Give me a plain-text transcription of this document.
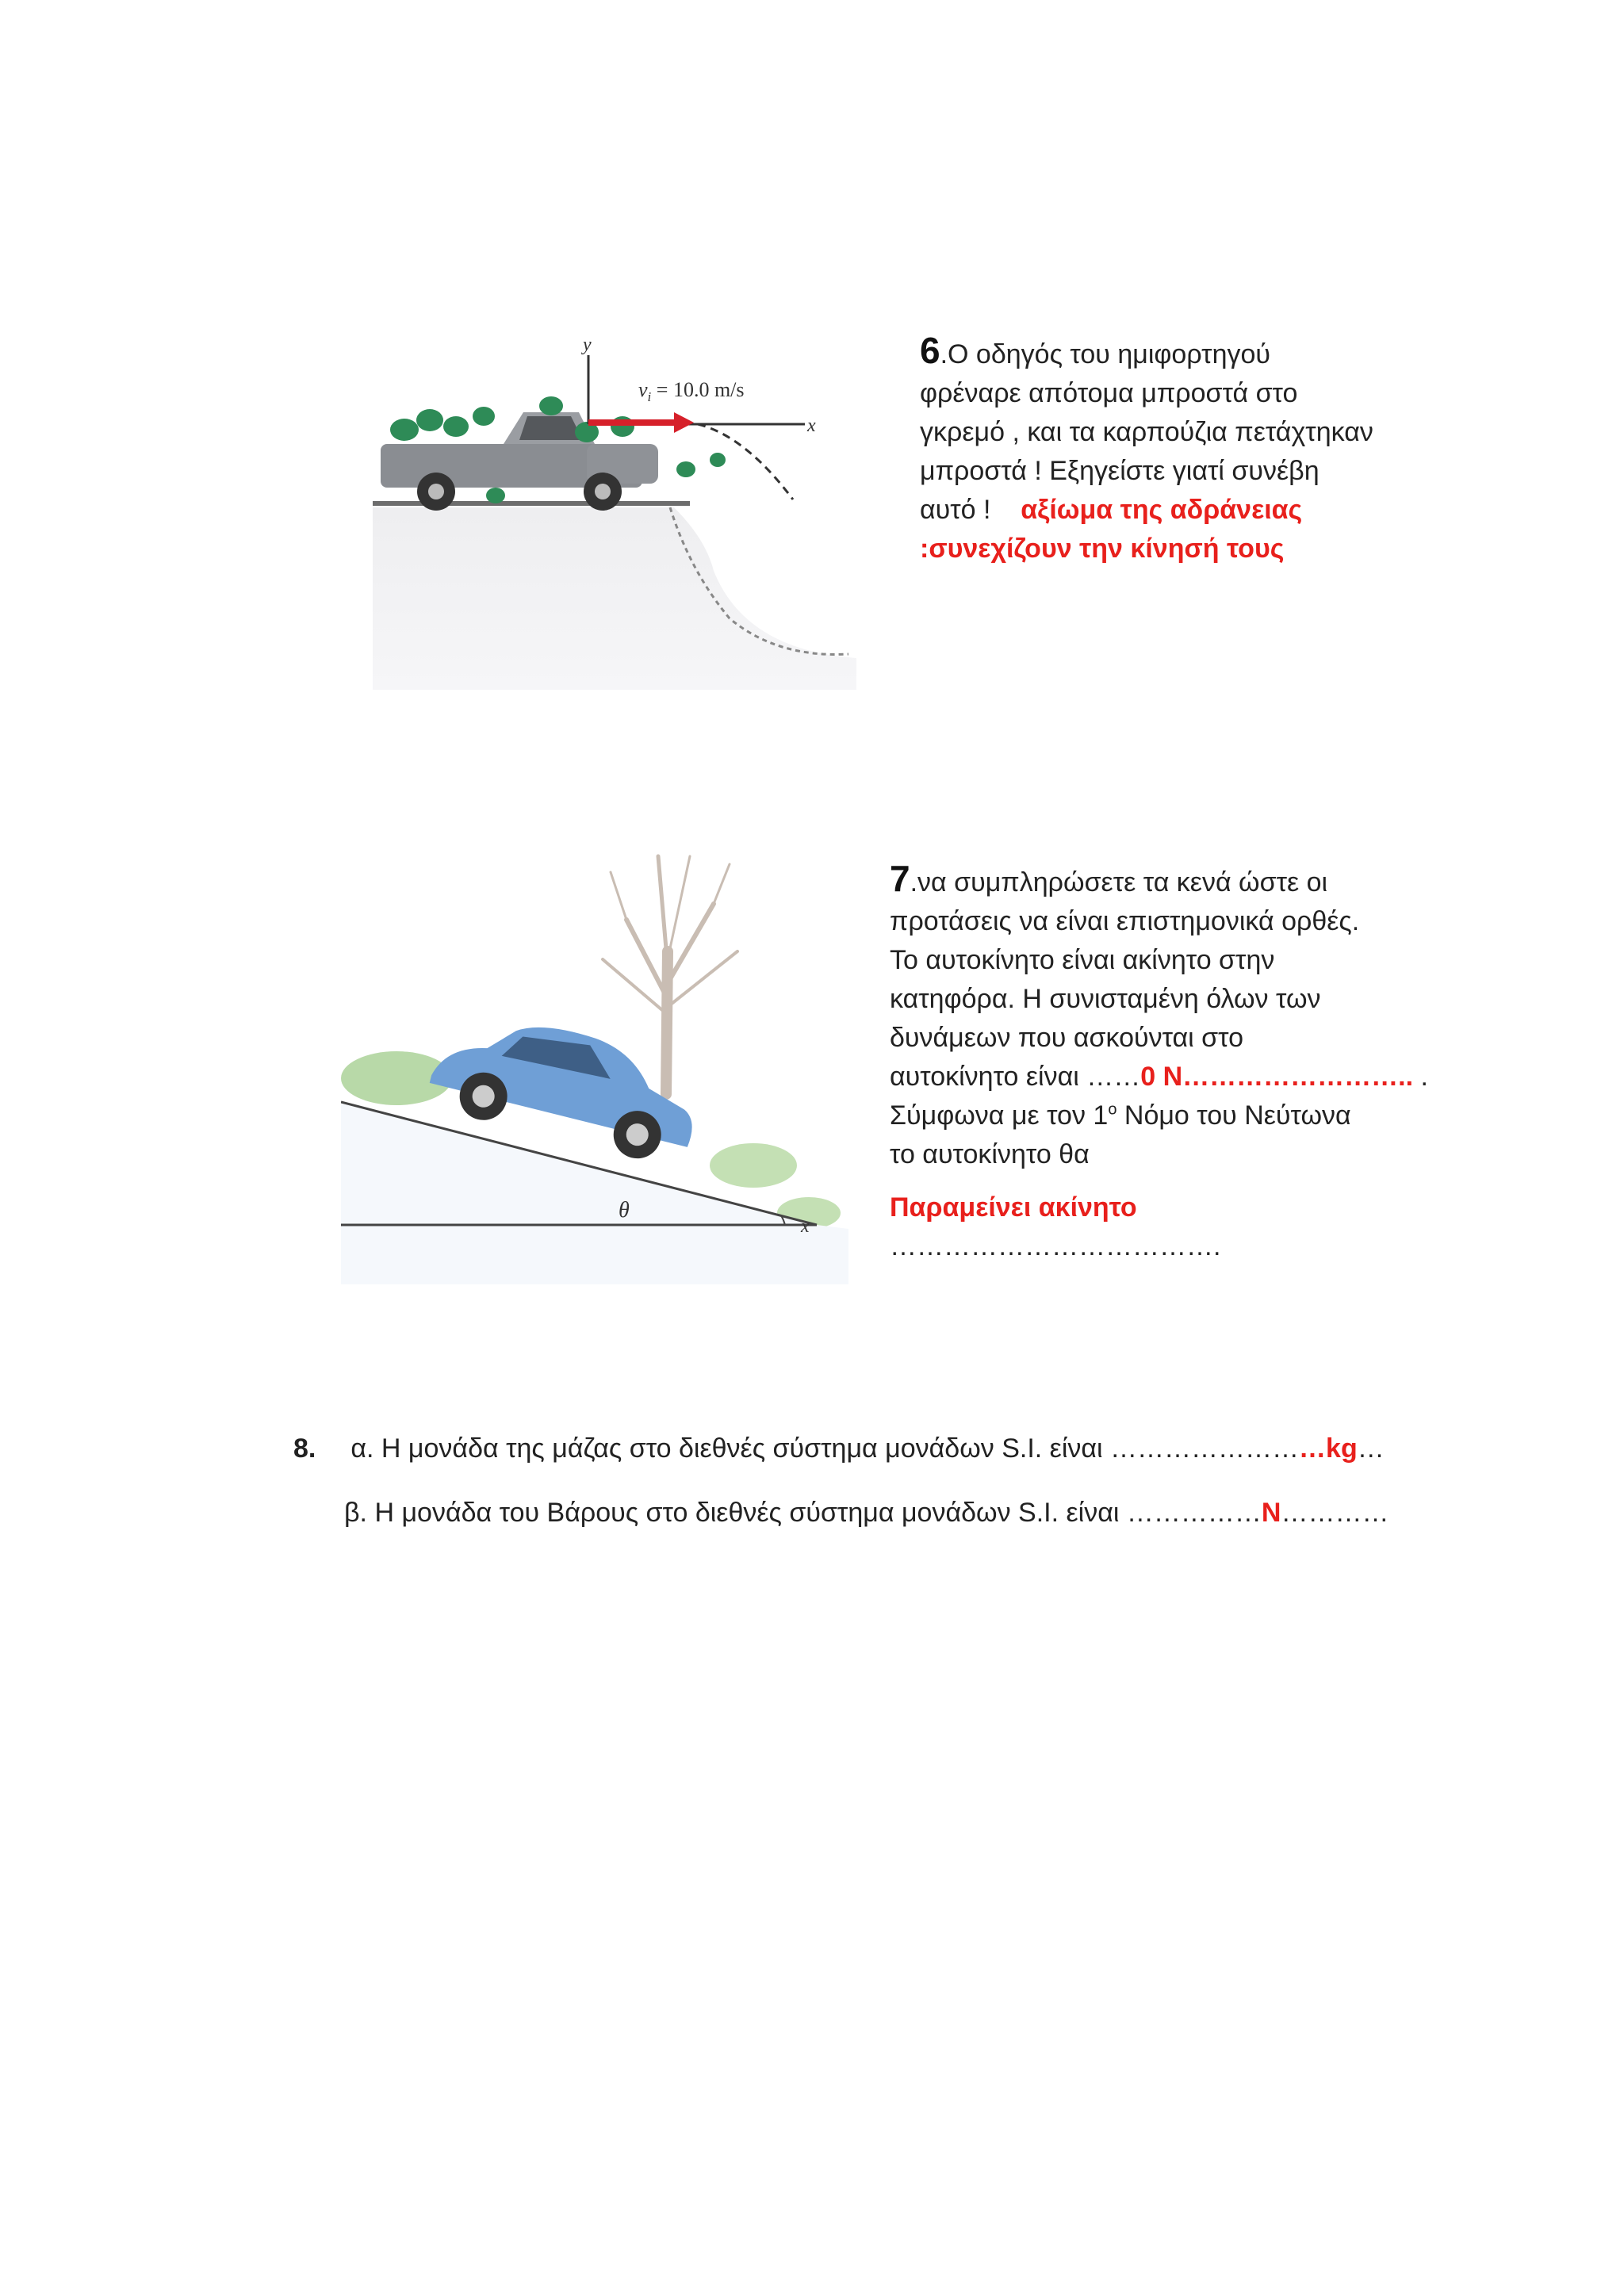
y
x
$v_i = 10.0$ m/s
θ
x
6.Ο οδηγός του ημιφορτηγού
φρέναρε απότομα μπροστά στο
γκρεμό , και τα καρπούζια πετάχτηκαν
μπροστά ! Εξηγείστε γιατί συνέβη
αυτό ! αξίωμα της αδράνειας
:συνεχίζουν την κίνησή τους
7.να συμπληρώσετε τα κενά ώστε οι
προτάσεις να είναι επιστημονικά ορθές.
Το αυτοκίνητο είναι ακίνητο στην
κατηφόρα. Η συνισταμένη όλων των
δυνάμεων που ασκούνται στο
αυτοκίνητο είναι ……0 N…………………….. .
Σύμφωνα με τον $1^o$ Νόμο του Νεύτωνα
το αυτοκίνητο θα
Παραμείνει ακίνητο
……………………………….
8. α. Η μονάδα της μάζας στο διεθνές σύστημα μονάδων S.I. είναι ……………………kg…
β. Η μονάδα του Βάρους στο διεθνές σύστημα μονάδων S.I. είναι ……………N…………
